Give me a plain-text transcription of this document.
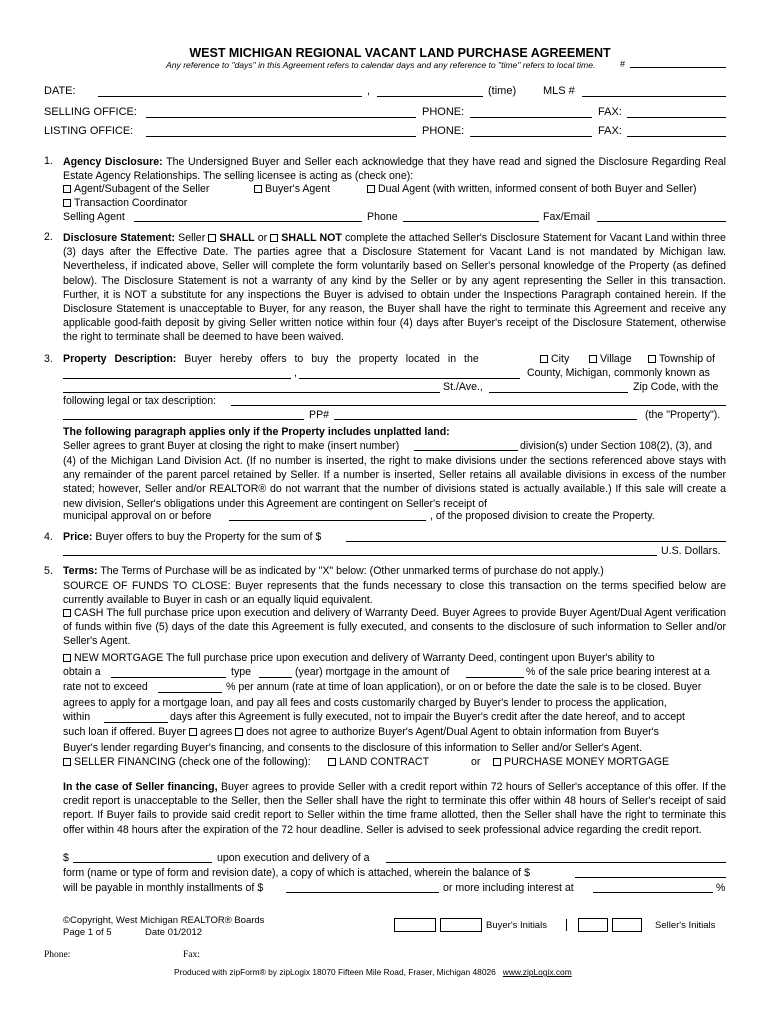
WEST MICHIGAN REGIONAL VACANT LAND PURCHASE AGREEMENT
Any reference to "days" in this Agreement refers to calendar days and any reference to "time" refers to local time.	#
DATE:	,	(time) MLS #
SELLING OFFICE:	PHONE:	FAX:
LISTING OFFICE:	PHONE:	FAX:
1. Agency Disclosure: The Undersigned Buyer and Seller each acknowledge that they have read and signed the Disclosure Regarding Real Estate Agency Relationships. The selling licensee is acting as (check one):
Agent/Subagent of the Seller	Buyer's Agent	Dual Agent (with written, informed consent of both Buyer and Seller)
Transaction Coordinator
Selling Agent	Phone	Fax/Email
2. Disclosure Statement: Seller SHALL or SHALL NOT complete the attached Seller's Disclosure Statement for Vacant Land within three (3) days after the Effective Date. The parties agree that a Disclosure Statement for Vacant Land is not mandated by Michigan law. Nevertheless, if indicated above, Seller will complete the form voluntarily based on Seller's personal knowledge of the Property (as defined below). The Disclosure Statement is not a warranty of any kind by the Seller or by any agent representing the Seller in this transaction. Further, it is NOT a substitute for any inspections the Buyer is advised to obtain under the Inspections Paragraph contained herein. If the Disclosure Statement is unacceptable to Buyer, for any reason, the Buyer shall have the right to terminate this Agreement and receive any applicable good-faith deposit by giving Seller written notice within four (4) days after Buyer's receipt of the Disclosure Statement, otherwise the right to terminate shall be deemed to have been waived.
3. Property Description: Buyer hereby offers to buy the property located in the	City	Village	Township of
,	County, Michigan, commonly known as
St./Ave.,	Zip Code, with the
following legal or tax description:
PP#	(the "Property").
The following paragraph applies only if the Property includes unplatted land:
Seller agrees to grant Buyer at closing the right to make (insert number)	division(s) under Section 108(2), (3), and
(4) of the Michigan Land Division Act. (If no number is inserted, the right to make divisions under the sections referenced above stays with any remainder of the parent parcel retained by Seller. If a number is inserted, Seller retains all available divisions in excess of the number stated; however, Seller and/or REALTOR® do not warrant that the number of divisions stated is actually available.) If this sale will create a new division, Seller's obligations under this Agreement are contingent on Seller's receipt of
municipal approval on or before	, of the proposed division to create the Property.
4. Price: Buyer offers to buy the Property for the sum of $
U.S. Dollars.
5. Terms: The Terms of Purchase will be as indicated by "X" below: (Other unmarked terms of purchase do not apply.)
SOURCE OF FUNDS TO CLOSE: Buyer represents that the funds necessary to close this transaction on the terms specified below are currently available to Buyer in cash or an equally liquid equivalent.
CASH The full purchase price upon execution and delivery of Warranty Deed. Buyer Agrees to provide Buyer Agent/Dual Agent verification of funds within five (5) days of the date this Agreement is fully executed, and consents to the disclosure of such information to Seller and/or Seller's Agent.
NEW MORTGAGE The full purchase price upon execution and delivery of Warranty Deed, contingent upon Buyer's ability to
obtain a	type	(year) mortgage in the amount of	% of the sale price bearing interest at a
rate not to exceed	% per annum (rate at time of loan application), or on or before the date the sale is to be closed. Buyer
agrees to apply for a mortgage loan, and pay all fees and costs customarily charged by Buyer's lender to process the application,
within	days after this Agreement is fully executed, not to impair the Buyer's credit after the date hereof, and to accept
such loan if offered. Buyer agrees does not agree to authorize Buyer's Agent/Dual Agent to obtain information from Buyer's
Buyer's lender regarding Buyer's financing, and consents to the disclosure of this information to Seller and/or Seller's Agent.
SELLER FINANCING (check one of the following):	LAND CONTRACT	or	PURCHASE MONEY MORTGAGE
In the case of Seller financing, Buyer agrees to provide Seller with a credit report within 72 hours of Seller's acceptance of this offer. If the credit report is unacceptable to the Seller, then the Seller shall have the right to terminate this offer within 48 hours of Seller's receipt of said report. If Buyer fails to provide said credit report to Seller within the time frame allotted, then the Seller shall have the right to terminate this offer within 48 hours after the expiration of the 72 hour deadline. Seller is advised to seek professional advice regarding the credit report.
$	upon execution and delivery of a
form (name or type of form and revision date), a copy of which is attached, wherein the balance of $
will be payable in monthly installments of $	or more including interest at	%
©Copyright, West Michigan REALTOR® Boards
Page 1 of 5	Date 01/2012
Buyer's Initials	Seller's Initials
Phone:	Fax:
Produced with zipForm® by zipLogix 18070 Fifteen Mile Road, Fraser, Michigan 48026 www.zipLogix.com
